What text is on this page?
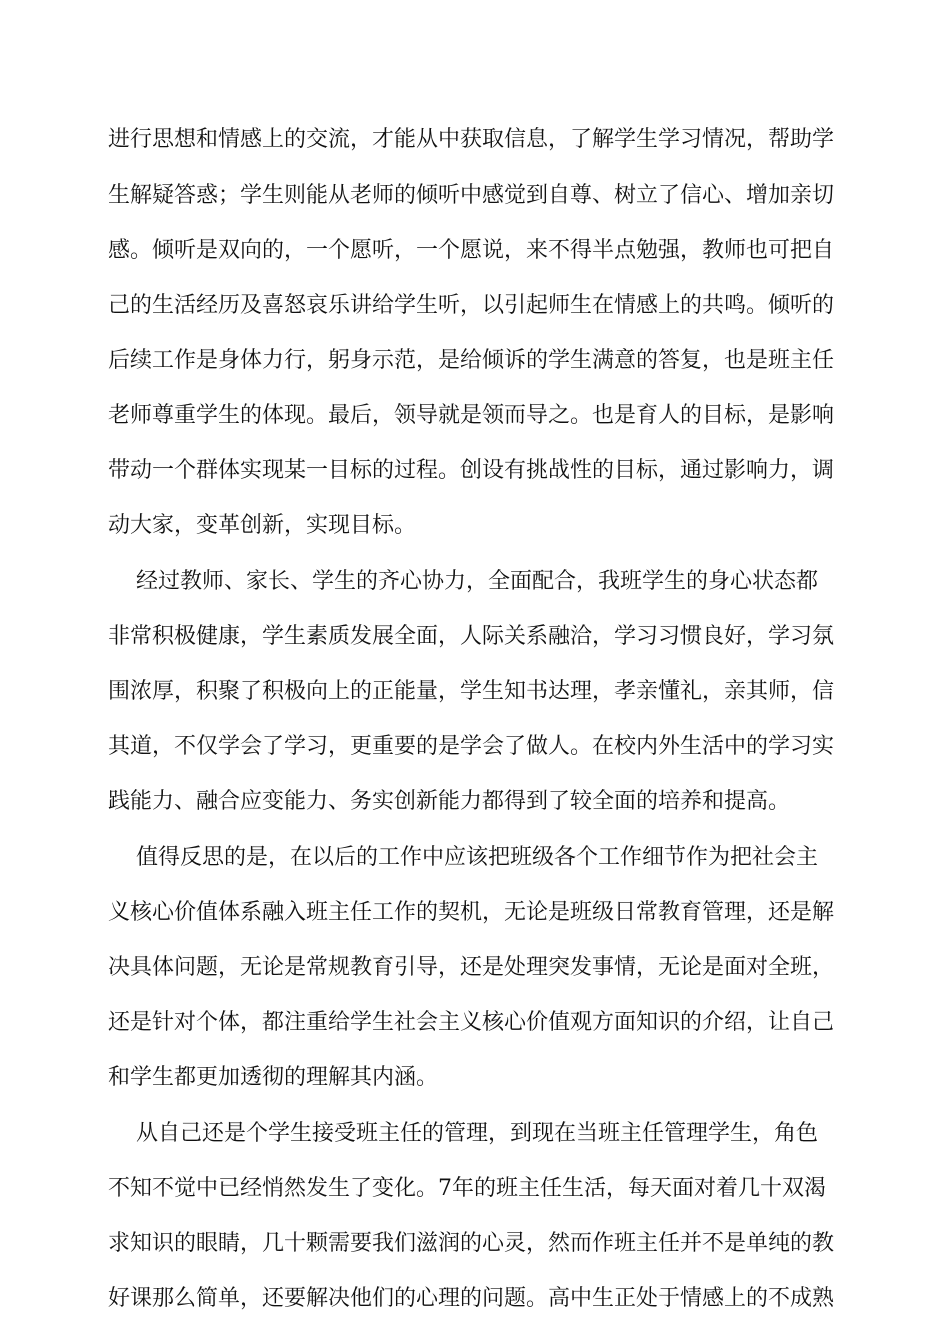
进行思想和情感上的交流，才能从中获取信息，了解学生学习情况，帮助学
生解疑答惑；学生则能从老师的倾听中感觉到自尊、树立了信心、增加亲切
感。倾听是双向的，一个愿听，一个愿说，来不得半点勉强，教师也可把自
己的生活经历及喜怒哀乐讲给学生听，以引起师生在情感上的共鸣。倾听的
后续工作是身体力行，躬身示范，是给倾诉的学生满意的答复，也是班主任
老师尊重学生的体现。最后，领导就是领而导之。也是育人的目标，是影响
带动一个群体实现某一目标的过程。创设有挑战性的目标，通过影响力，调
动大家，变革创新，实现目标。
经过教师、家长、学生的齐心协力，全面配合，我班学生的身心状态都
非常积极健康，学生素质发展全面，人际关系融洽，学习习惯良好，学习氛
围浓厚，积聚了积极向上的正能量，学生知书达理，孝亲懂礼，亲其师，信
其道，不仅学会了学习，更重要的是学会了做人。在校内外生活中的学习实
践能力、融合应变能力、务实创新能力都得到了较全面的培养和提高。
值得反思的是，在以后的工作中应该把班级各个工作细节作为把社会主
义核心价值体系融入班主任工作的契机，无论是班级日常教育管理，还是解
决具体问题，无论是常规教育引导，还是处理突发事情，无论是面对全班，
还是针对个体，都注重给学生社会主义核心价值观方面知识的介绍，让自己
和学生都更加透彻的理解其内涵。
从自己还是个学生接受班主任的管理，到现在当班主任管理学生，角色
不知不觉中已经悄然发生了变化。7年的班主任生活，每天面对着几十双渴
求知识的眼睛，几十颗需要我们滋润的心灵，然而作班主任并不是单纯的教
好课那么简单，还要解决他们的心理的问题。高中生正处于情感上的不成熟
